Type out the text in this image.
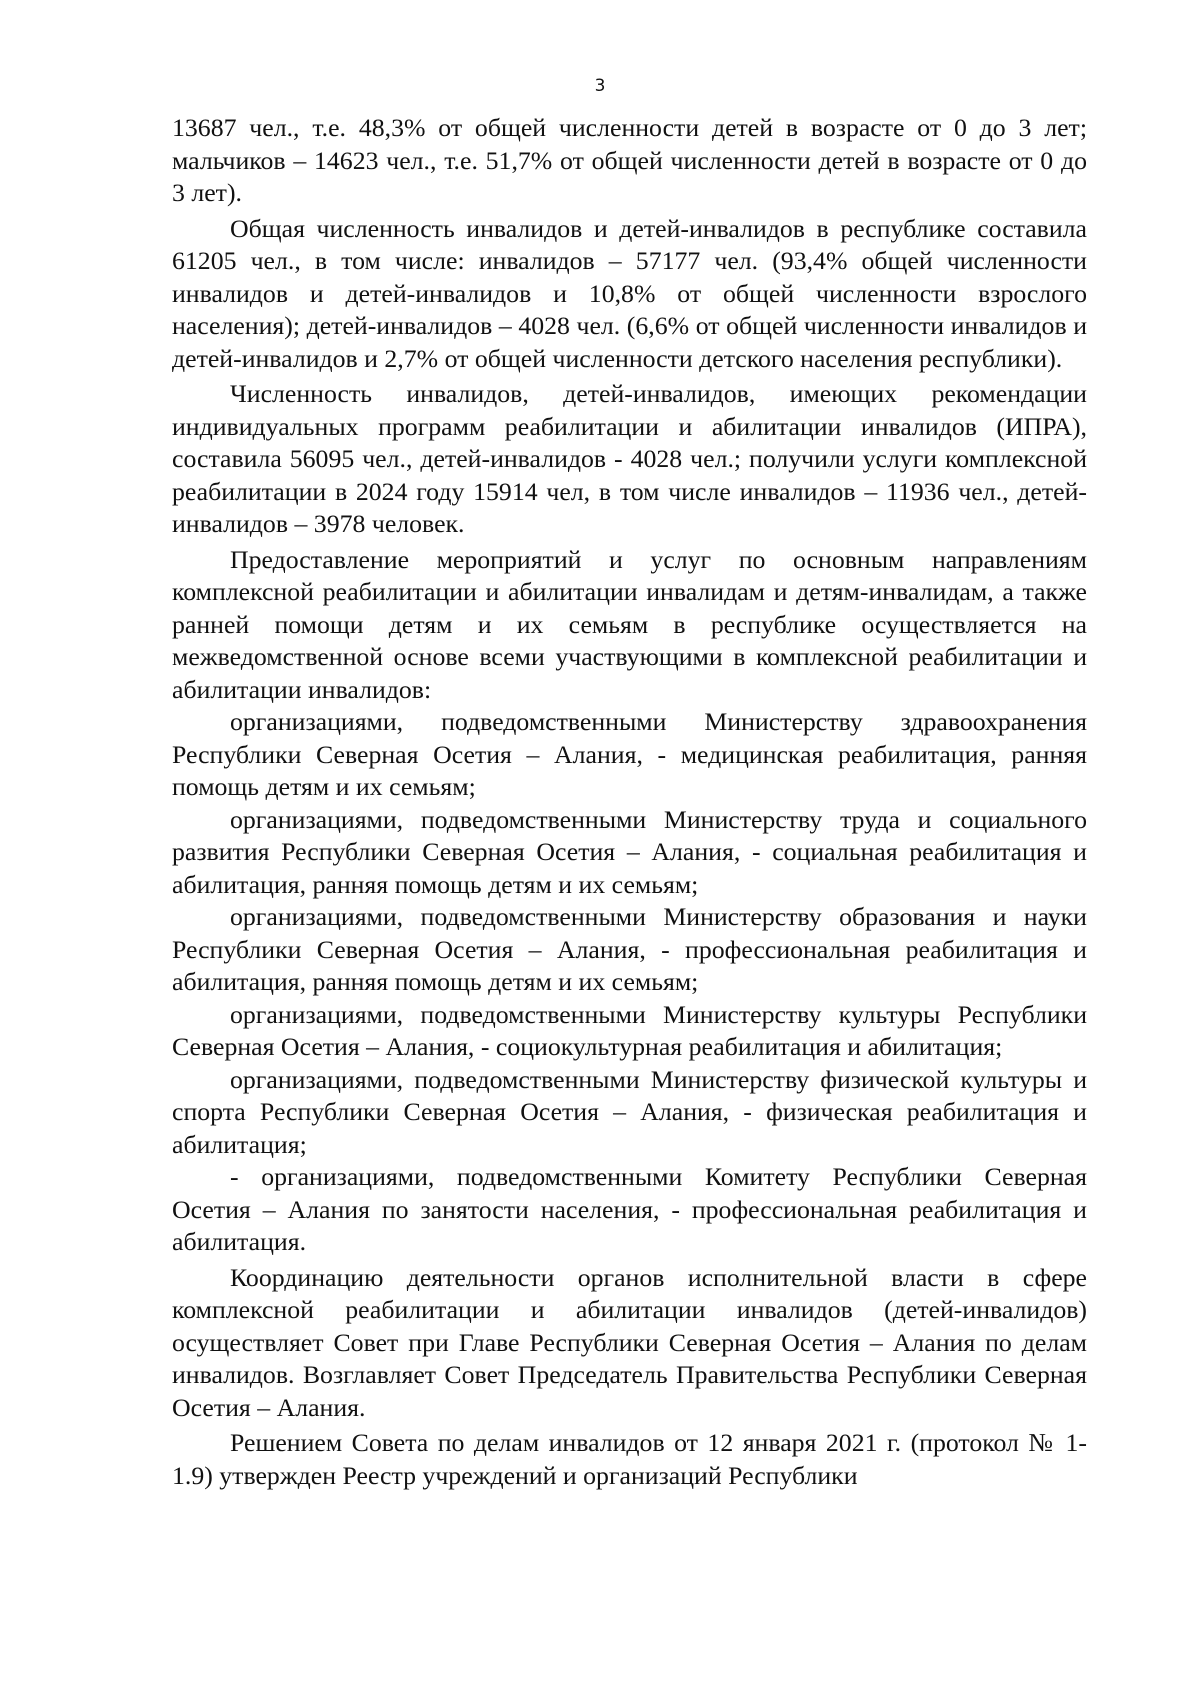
3

13687 чел., т.е. 48,3% от общей численности детей в возрасте от 0 до 3 лет; мальчиков – 14623 чел., т.е. 51,7% от общей численности детей в возрасте от 0 до 3 лет).

Общая численность инвалидов и детей-инвалидов в республике составила 61205 чел., в том числе: инвалидов – 57177 чел. (93,4% общей численности инвалидов и детей-инвалидов и 10,8% от общей численности взрослого населения); детей-инвалидов – 4028 чел. (6,6% от общей численности инвалидов и детей-инвалидов и 2,7% от общей численности детского населения республики).

Численность инвалидов, детей-инвалидов, имеющих рекомендации индивидуальных программ реабилитации и абилитации инвалидов (ИПРА), составила 56095 чел., детей-инвалидов - 4028 чел.; получили услуги комплексной реабилитации в 2024 году 15914 чел, в том числе инвалидов – 11936 чел., детей-инвалидов – 3978 человек.

Предоставление мероприятий и услуг по основным направлениям комплексной реабилитации и абилитации инвалидам и детям-инвалидам, а также ранней помощи детям и их семьям в республике осуществляется на межведомственной основе всеми участвующими в комплексной реабилитации и абилитации инвалидов:

организациями, подведомственными Министерству здравоохранения Республики Северная Осетия – Алания, - медицинская реабилитация, ранняя помощь детям и их семьям;

организациями, подведомственными Министерству труда и социального развития Республики Северная Осетия – Алания, - социальная реабилитация и абилитация, ранняя помощь детям и их семьям;

организациями, подведомственными Министерству образования и науки Республики Северная Осетия – Алания, - профессиональная реабилитация и абилитация, ранняя помощь детям и их семьям;

организациями, подведомственными Министерству культуры Республики Северная Осетия – Алания, - социокультурная реабилитация и абилитация;

организациями, подведомственными Министерству физической культуры и спорта Республики Северная Осетия – Алания, - физическая реабилитация и абилитация;

- организациями, подведомственными Комитету Республики Северная Осетия – Алания по занятости населения, - профессиональная реабилитация и абилитация.

Координацию деятельности органов исполнительной власти в сфере комплексной реабилитации и абилитации инвалидов (детей-инвалидов) осуществляет Совет при Главе Республики Северная Осетия – Алания по делам инвалидов. Возглавляет Совет Председатель Правительства Республики Северная Осетия – Алания.

Решением Совета по делам инвалидов от 12 января 2021 г. (протокол № 1-1.9) утвержден Реестр учреждений и организаций Республики
